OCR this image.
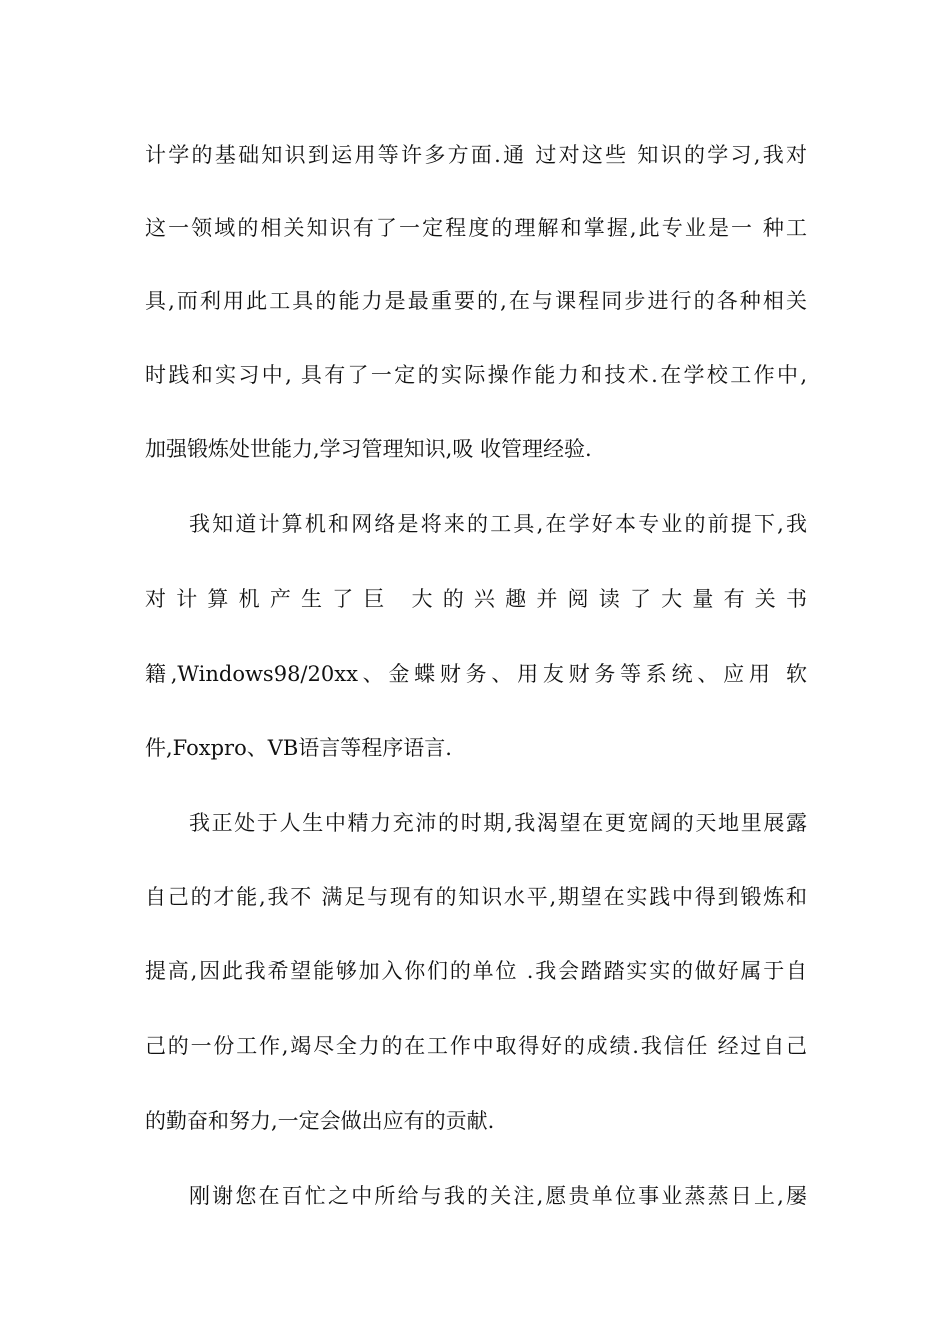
计学的基础知识到运用等许多方面.通 过对这些 知识的学习,我对
这一领域的相关知识有了一定程度的理解和掌握,此专业是一 种工
具,而利用此工具的能力是最重要的,在与课程同步进行的各种相关
时践和实习中, 具有了一定的实际操作能力和技术.在学校工作中,
加强锻炼处世能力,学习管理知识,吸 收管理经验.
我知道计算机和网络是将来的工具,在学好本专业的前提下,我
对计算机产生了巨 大的兴趣并阅读了大量有关书
籍,Windows98/20xx、金蝶财务、用友财务等系统、应用 软
件,Foxpro、VB语言等程序语言.
我正处于人生中精力充沛的时期,我渴望在更宽阔的天地里展露
自己的才能,我不 满足与现有的知识水平,期望在实践中得到锻炼和
提高,因此我希望能够加入你们的单位 .我会踏踏实实的做好属于自
己的一份工作,竭尽全力的在工作中取得好的成绩.我信任 经过自己
的勤奋和努力,一定会做出应有的贡献.
刚谢您在百忙之中所给与我的关注,愿贵单位事业蒸蒸日上,屡
